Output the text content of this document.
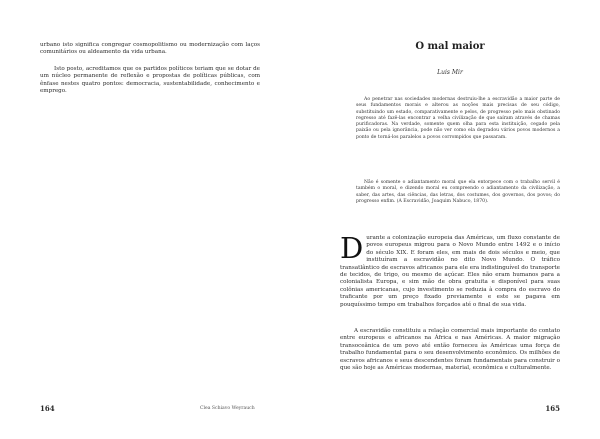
urbano isto significa congregar cosmopolitismo ou modernização com laços comunitários ou aldeamento da vida urbana.

Isto posto, acreditamos que os partidos políticos teriam que se dotar de um núcleo permanente de reflexão e propostas de políticas públicas, com ênfase nestes quatro pontos: democracia, sustentabilidade, conhecimento e emprego.

164	Clea Schiavo Weyrauch
O mal maior

Luis Mir

Ao penetrar nas sociedades modernas destruiu-lhe a escravidão a maior parte de seus fundamentos morais e alterou as noções mais precisas de seu código, substituindo um estado, comparativamente e pelos, de progresso pelo mais obstinado regresso até fazê-las encontrar a velha civilização de que saíram através de chamas purificadoras. Na verdade, somente quem olha para esta instituição, cegado pela paixão ou pela ignorância, pode não ver como ela degradou vários povos modernos a ponto de torná-los paralelos a povos corrompidos que passaram.

Não é somente o adiantamento moral que ela entorpece com o trabalho servil é também o moral, e dizendo moral eu compreendo o adiantamento da civilização, a saber, das artes, das ciências, das letras, dos costumes, dos governos, dos povos; do progresso enfim. (A Escravidão, Joaquim Nabuco, 1870).

Durante a colonização europeia das Américas, um fluxo constante de povos europeus migrou para o Novo Mundo entre 1492 e o início do século XIX. E foram eles, em mais de dois séculos e meio, que instituíram a escravidão no dito Novo Mundo. O tráfico transatlântico de escravos africanos para ele era indistinguível do transporte de tecidos, de trigo, ou mesmo de açúcar. Eles não eram humanos para a colonialista Europa, e sim mão de obra gratuita e disponível para suas colônias americanas, cujo investimento se reduzia à compra do escravo do traficante por um preço fixado previamente e este se pagava em pouquíssimo tempo em trabalhos forçados até o final de sua vida.

A escravidão constituiu a relação comercial mais importante do contato entre europeus e africanos na África e nas Américas. A maior migração transoceânica de um povo até então forneceu às Américas uma força de trabalho fundamental para o seu desenvolvimento econômico. Os milhões de escravos africanos e seus descendentes foram fundamentais para construir o que são hoje as Américas modernas, material, econômica e culturalmente.

165
